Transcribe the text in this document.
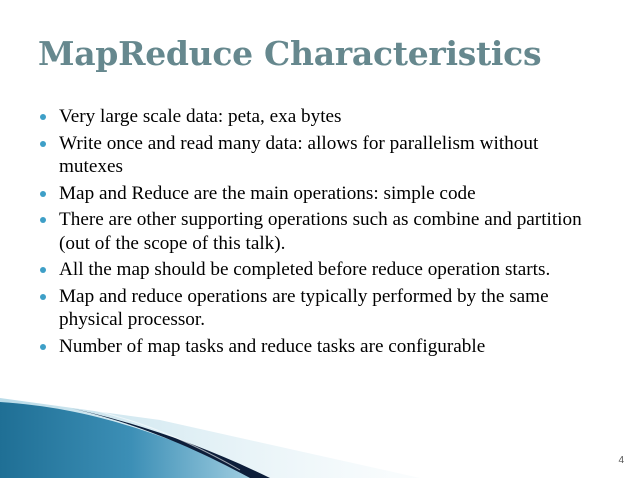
MapReduce Characteristics
Very large scale data: peta, exa bytes
Write once and read many data: allows for parallelism without mutexes
Map and Reduce are the main operations: simple code
There are other supporting operations such as combine and partition (out of the scope of this talk).
All the map should be completed before reduce operation starts.
Map and reduce operations are typically performed by the same physical processor.
Number of map tasks and reduce tasks are configurable
4
